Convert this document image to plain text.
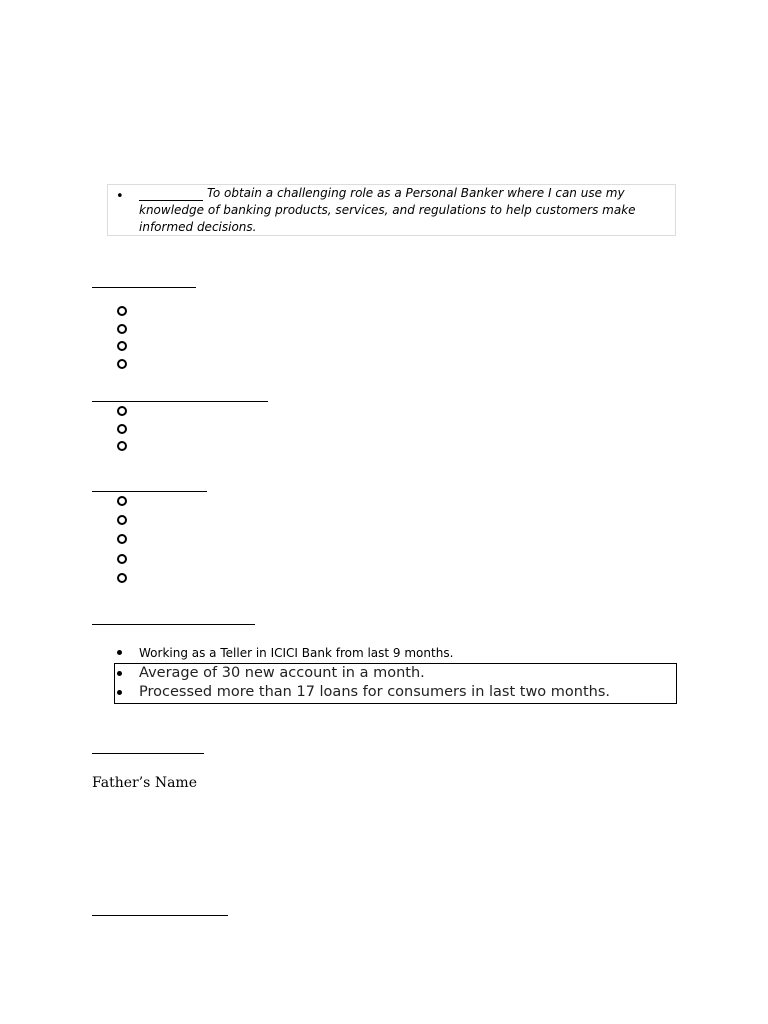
•	To obtain a challenging role as a Personal Banker where I can use my knowledge of banking products, services, and regulations to help customers make informed decisions.
Working as a Teller in ICICI Bank from last 9 months.
Average of 30 new account in a month.
Processed more than 17 loans for consumers in last two months.
Father’s Name
